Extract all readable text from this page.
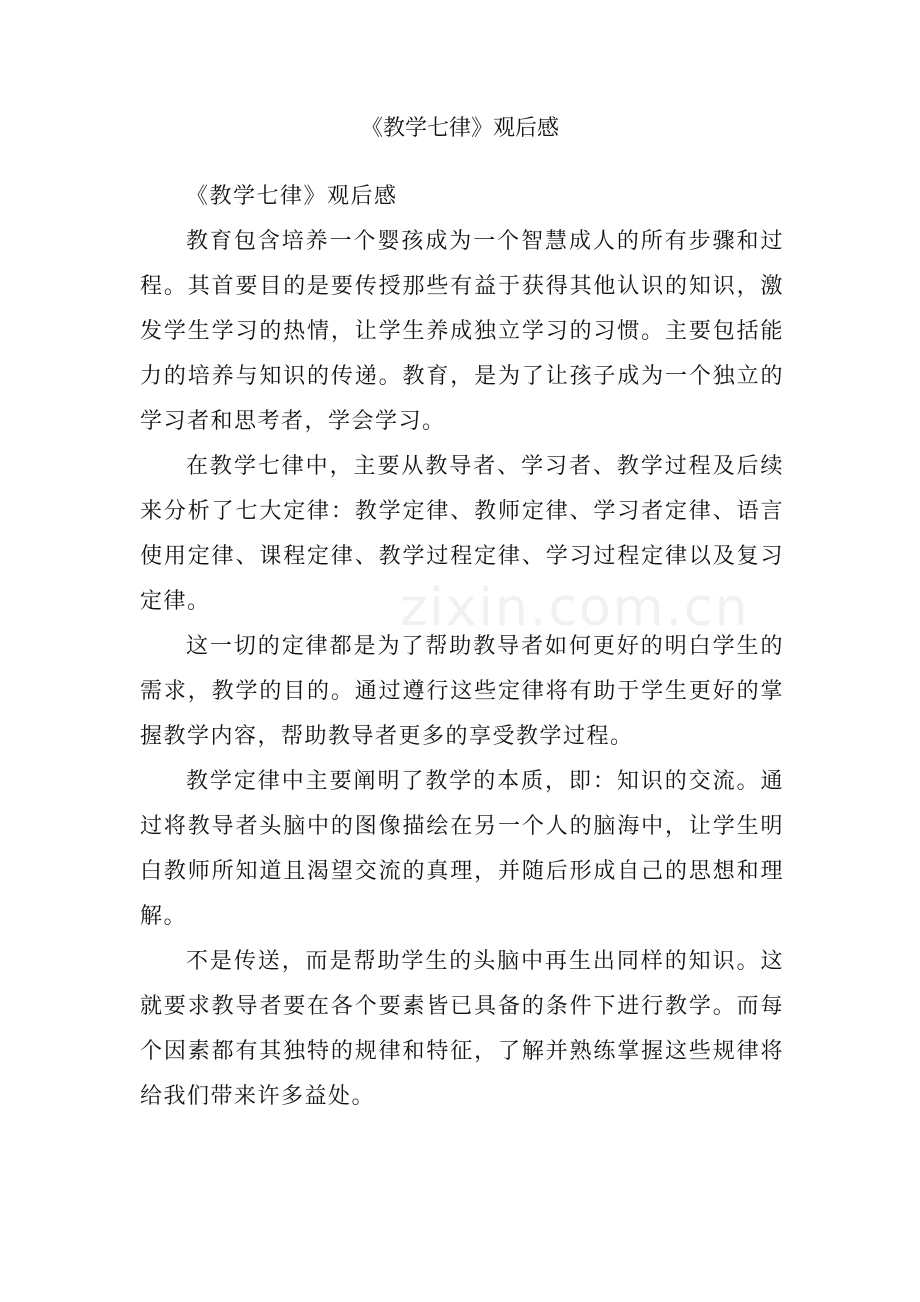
zixin.com.cn
《教学七律》观后感

《教学七律》观后感

教育包含培养一个婴孩成为一个智慧成人的所有步骤和过程。其首要目的是要传授那些有益于获得其他认识的知识，激发学生学习的热情，让学生养成独立学习的习惯。主要包括能力的培养与知识的传递。教育，是为了让孩子成为一个独立的学习者和思考者，学会学习。

在教学七律中，主要从教导者、学习者、教学过程及后续来分析了七大定律：教学定律、教师定律、学习者定律、语言使用定律、课程定律、教学过程定律、学习过程定律以及复习定律。

这一切的定律都是为了帮助教导者如何更好的明白学生的需求，教学的目的。通过遵行这些定律将有助于学生更好的掌握教学内容，帮助教导者更多的享受教学过程。

教学定律中主要阐明了教学的本质，即：知识的交流。通过将教导者头脑中的图像描绘在另一个人的脑海中，让学生明白教师所知道且渴望交流的真理，并随后形成自己的思想和理解。

不是传送，而是帮助学生的头脑中再生出同样的知识。这就要求教导者要在各个要素皆已具备的条件下进行教学。而每个因素都有其独特的规律和特征，了解并熟练掌握这些规律将给我们带来许多益处。
